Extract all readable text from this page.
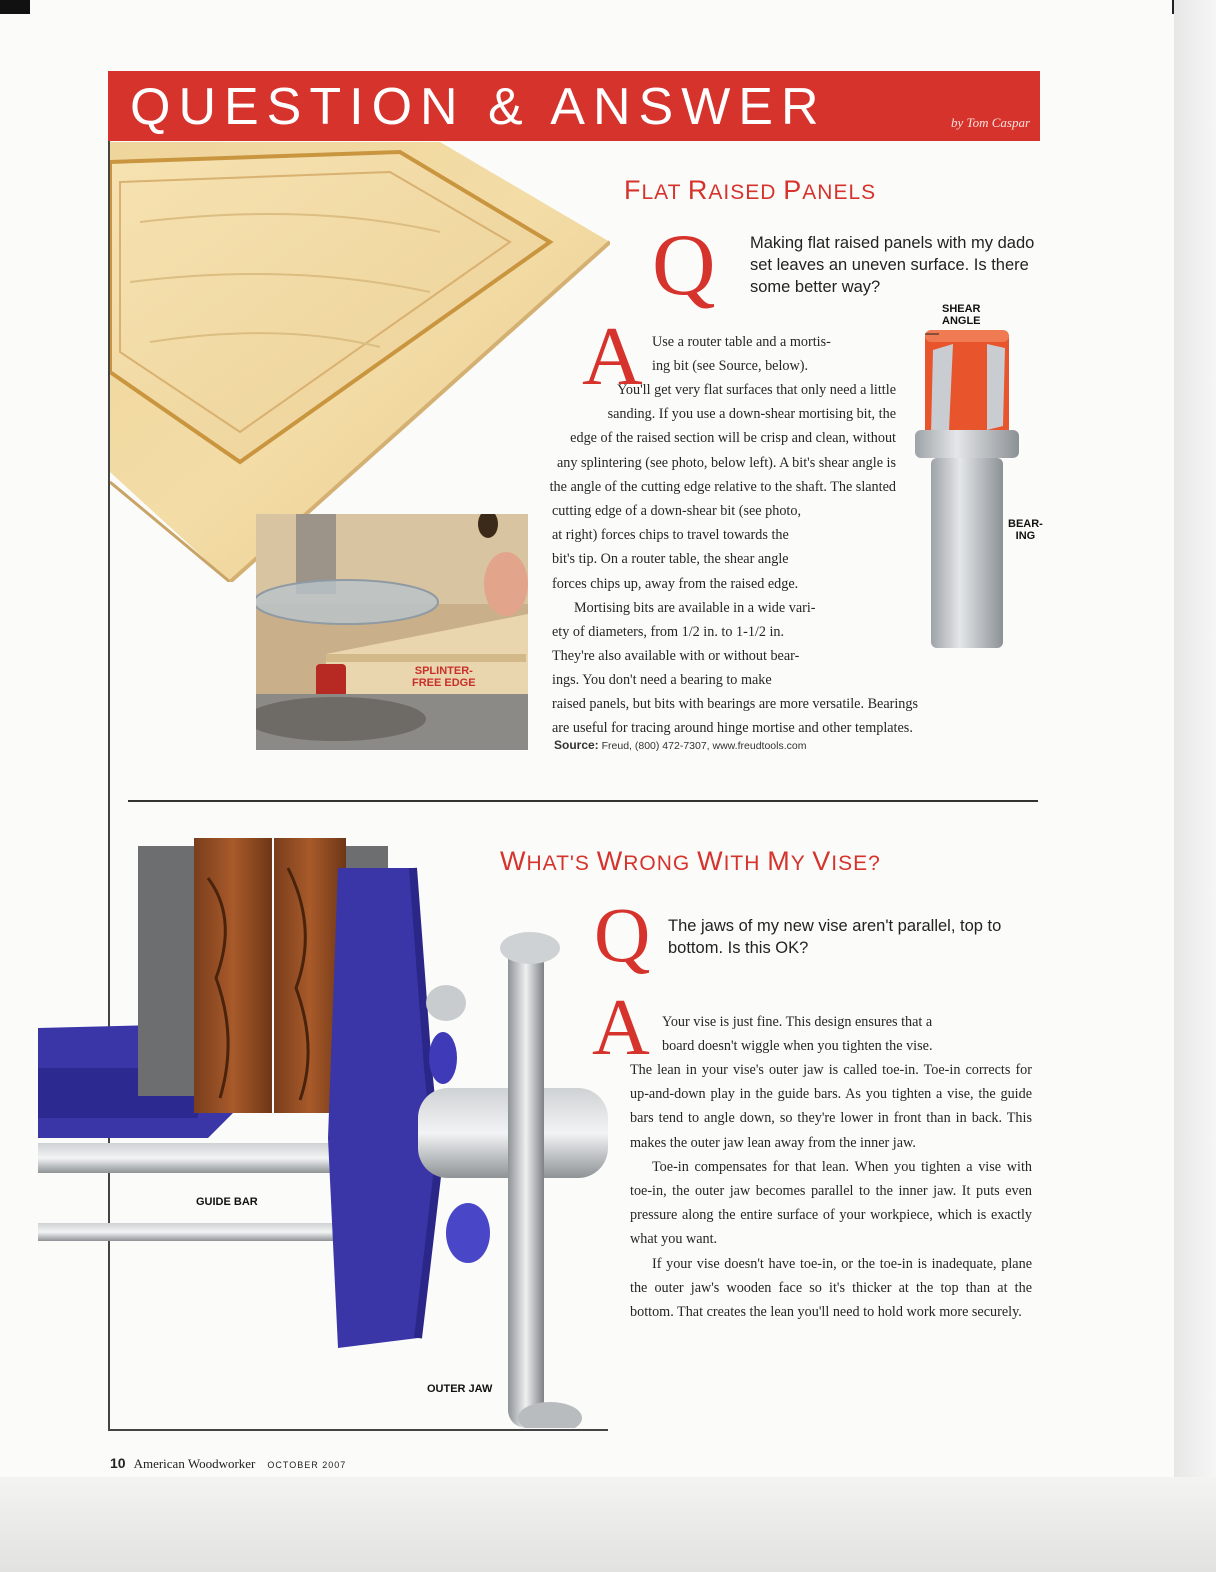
QUESTION & ANSWER	by Tom Caspar
FLAT RAISED PANELS
Q Making flat raised panels with my dado set leaves an uneven surface. Is there some better way?
A
SHEAR
ANGLE
BEAR-
ING
SPLINTER-
FREE EDGE

Use a router table and a mortis-

ing bit (see Source, below).

You'll get very flat surfaces that only need a little

sanding. If you use a down-shear mortising bit, the

edge of the raised section will be crisp and clean, without

any splintering (see photo, below left). A bit's shear angle is

the angle of the cutting edge relative to the shaft. The slanted

cutting edge of a down-shear bit (see photo,

at right) forces chips to travel towards the

bit's tip. On a router table, the shear angle

forces chips up, away from the raised edge.

Mortising bits are available in a wide vari-

ety of diameters, from 1/2 in. to 1-1/2 in.

They're also available with or without bear-

ings. You don't need a bearing to make

raised panels, but bits with bearings are more versatile. Bearings

are useful for tracing around hinge mortise and other templates.

Source: Freud, (800) 472-7307, www.freudtools.com
WHAT'S WRONG WITH MY VISE?
Q The jaws of my new vise aren't parallel, top to bottom. Is this OK?
A Your vise is just fine. This design ensures that a

board doesn't wiggle when you tighten the vise.

The lean in your vise's outer jaw is called toe-in. Toe-in corrects for up-and-down play in the guide bars. As you tighten a vise, the guide bars tend to angle down, so they're lower in front than in back. This makes the outer jaw lean away from the inner jaw.

Toe-in compensates for that lean. When you tighten a vise with toe-in, the outer jaw becomes parallel to the inner jaw. It puts even pressure along the entire surface of your workpiece, which is exactly what you want.

If your vise doesn't have toe-in, or the toe-in is inadequate, plane the outer jaw's wooden face so it's thicker at the top than at the bottom. That creates the lean you'll need to hold work more securely.

GUIDE BAR
OUTER JAW
10 American Woodworker OCTOBER 2007
